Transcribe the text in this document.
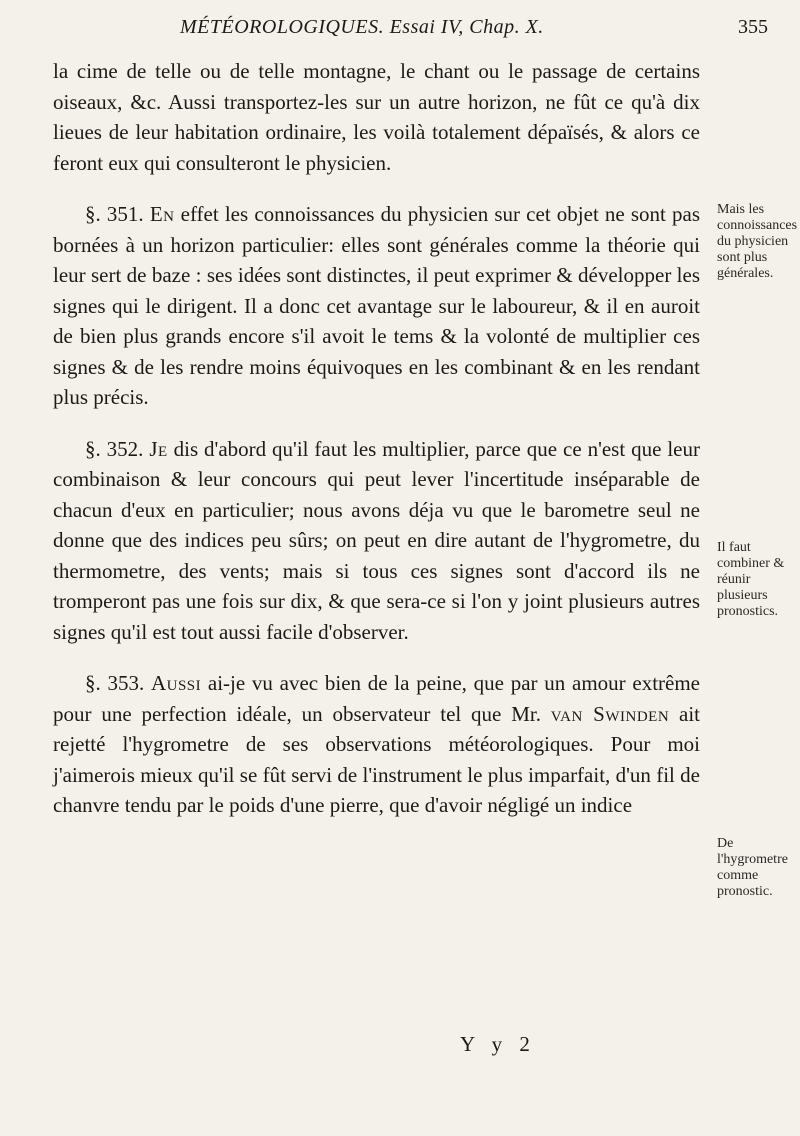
MÉTÉOROLOGIQUES. Essai IV, Chap. X.	355

la cime de telle ou de telle montagne, le chant ou le passage de certains oiseaux, &c. Aussi transportez-les sur un autre horizon, ne fût ce qu'à dix lieues de leur habitation ordinaire, les voilà totalement dépaïsés, & alors ce feront eux qui consulteront le physicien.

§. 351. En effet les connoissances du physicien sur cet objet ne sont pas bornées à un horizon particulier: elles sont générales comme la théorie qui leur sert de baze : ses idées sont distinctes, il peut exprimer & développer les signes qui le dirigent. Il a donc cet avantage sur le laboureur, & il en auroit de bien plus grands encore s'il avoit le tems & la volonté de multiplier ces signes & de les rendre moins équivoques en les combinant & en les rendant plus précis.

§. 352. Je dis d'abord qu'il faut les multiplier, parce que ce n'est que leur combinaison & leur concours qui peut lever l'incertitude inséparable de chacun d'eux en particulier; nous avons déja vu que le barometre seul ne donne que des indices peu sûrs; on peut en dire autant de l'hygrometre, du thermometre, des vents; mais si tous ces signes sont d'accord ils ne tromperont pas une fois sur dix, & que sera-ce si l'on y joint plusieurs autres signes qu'il est tout aussi facile d'observer.

§. 353. Aussi ai-je vu avec bien de la peine, que par un amour extrême pour une perfection idéale, un observateur tel que Mr. van Swinden ait rejetté l'hygrometre de ses observations météorologiques. Pour moi j'aimerois mieux qu'il se fût servi de l'instrument le plus imparfait, d'un fil de chanvre tendu par le poids d'une pierre, que d'avoir négligé un indice

Mais les connoissances du physicien sont plus générales.
Il faut combiner & réunir plusieurs pronostics.
De l'hygrometre comme pronostic.
Y y 2
